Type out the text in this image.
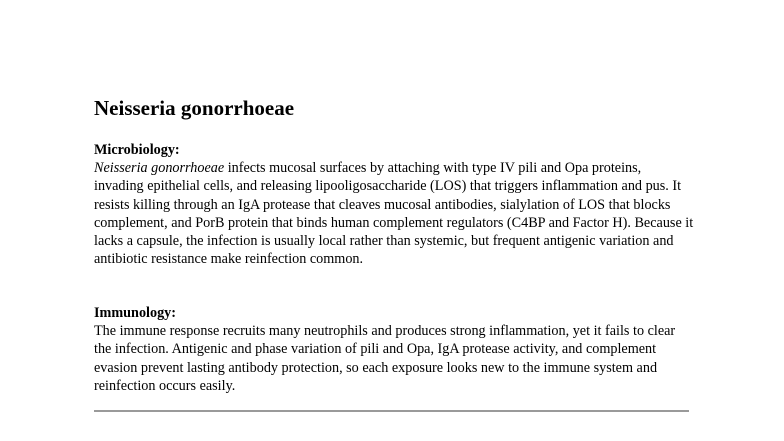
Neisseria gonorrhoeae

Microbiology:

Neisseria gonorrhoeae infects mucosal surfaces by attaching with type IV pili and Opa proteins, invading epithelial cells, and releasing lipooligosaccharide (LOS) that triggers inflammation and pus. It resists killing through an IgA protease that cleaves mucosal antibodies, sialylation of LOS that blocks complement, and PorB protein that binds human complement regulators (C4BP and Factor H). Because it lacks a capsule, the infection is usually local rather than systemic, but frequent antigenic variation and antibiotic resistance make reinfection common.

Immunology:

The immune response recruits many neutrophils and produces strong inflammation, yet it fails to clear the infection. Antigenic and phase variation of pili and Opa, IgA protease activity, and complement evasion prevent lasting antibody protection, so each exposure looks new to the immune system and reinfection occurs easily.
